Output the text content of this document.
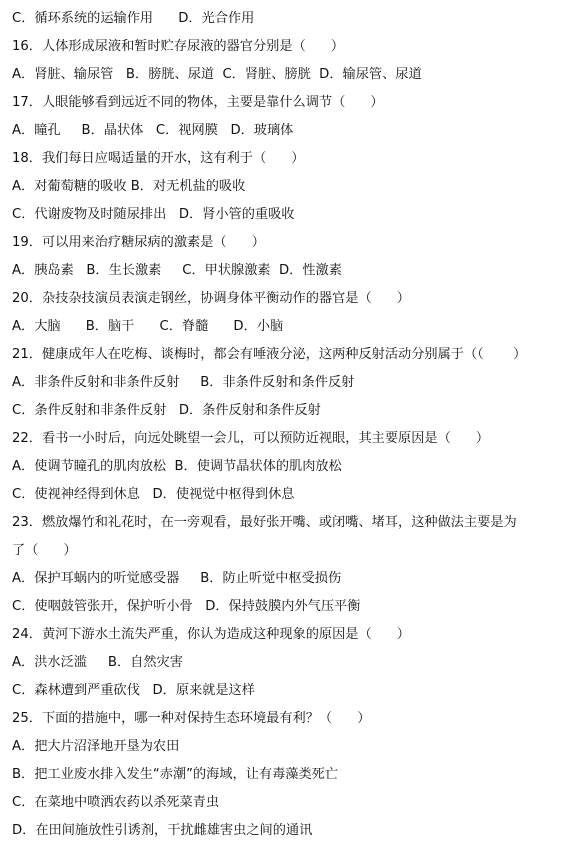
C．循环系统的运输作用      D．光合作用
16．人体形成尿液和暂时贮存尿液的器官分别是（      ）
A．肾脏、输尿管   B．膀胱、尿道  C．肾脏、膀胱  D．输尿管、尿道
17．人眼能够看到远近不同的物体，主要是靠什么调节（      ）
A．瞳孔     B．晶状体   C．视网膜   D．玻璃体
18．我们每日应喝适量的开水，这有利于（      ）
A．对葡萄糖的吸收 B．对无机盐的吸收
C．代谢废物及时随尿排出   D．肾小管的重吸收
19．可以用来治疗糖尿病的激素是（      ）
A．胰岛素   B．生长激素     C．甲状腺激素  D．性激素
20．杂技杂技演员表演走钢丝，协调身体平衡动作的器官是（      ）
A．大脑      B．脑干      C．脊髓      D．小脑
21．健康成年人在吃梅、谈梅时，都会有唾液分泌，这两种反射活动分别属于（（       ）
A．非条件反射和非条件反射     B．非条件反射和条件反射
C．条件反射和非条件反射   D．条件反射和条件反射
22．看书一小时后，向远处眺望一会儿，可以预防近视眼，其主要原因是（      ）
A．使调节瞳孔的肌肉放松  B．使调节晶状体的肌肉放松
C．使视神经得到休息   D．使视觉中枢得到休息
23．燃放爆竹和礼花时，在一旁观看，最好张开嘴、或闭嘴、堵耳，这种做法主要是为
了（      ）
A．保护耳蜗内的听觉感受器     B．防止听觉中枢受损伤
C．使咽鼓管张开，保护听小骨   D．保持鼓膜内外气压平衡
24．黄河下游水土流失严重，你认为造成这种现象的原因是（      ）
A．洪水泛滥     B．自然灾害
C．森林遭到严重砍伐   D．原来就是这样
25．下面的措施中，哪一种对保持生态环境最有利？（      ）
A．把大片沼泽地开垦为农田
B．把工业废水排入发生“赤潮”的海域，让有毒藻类死亡
C．在菜地中喷洒农药以杀死菜青虫
D．在田间施放性引诱剂，干扰雌雄害虫之间的通讯
